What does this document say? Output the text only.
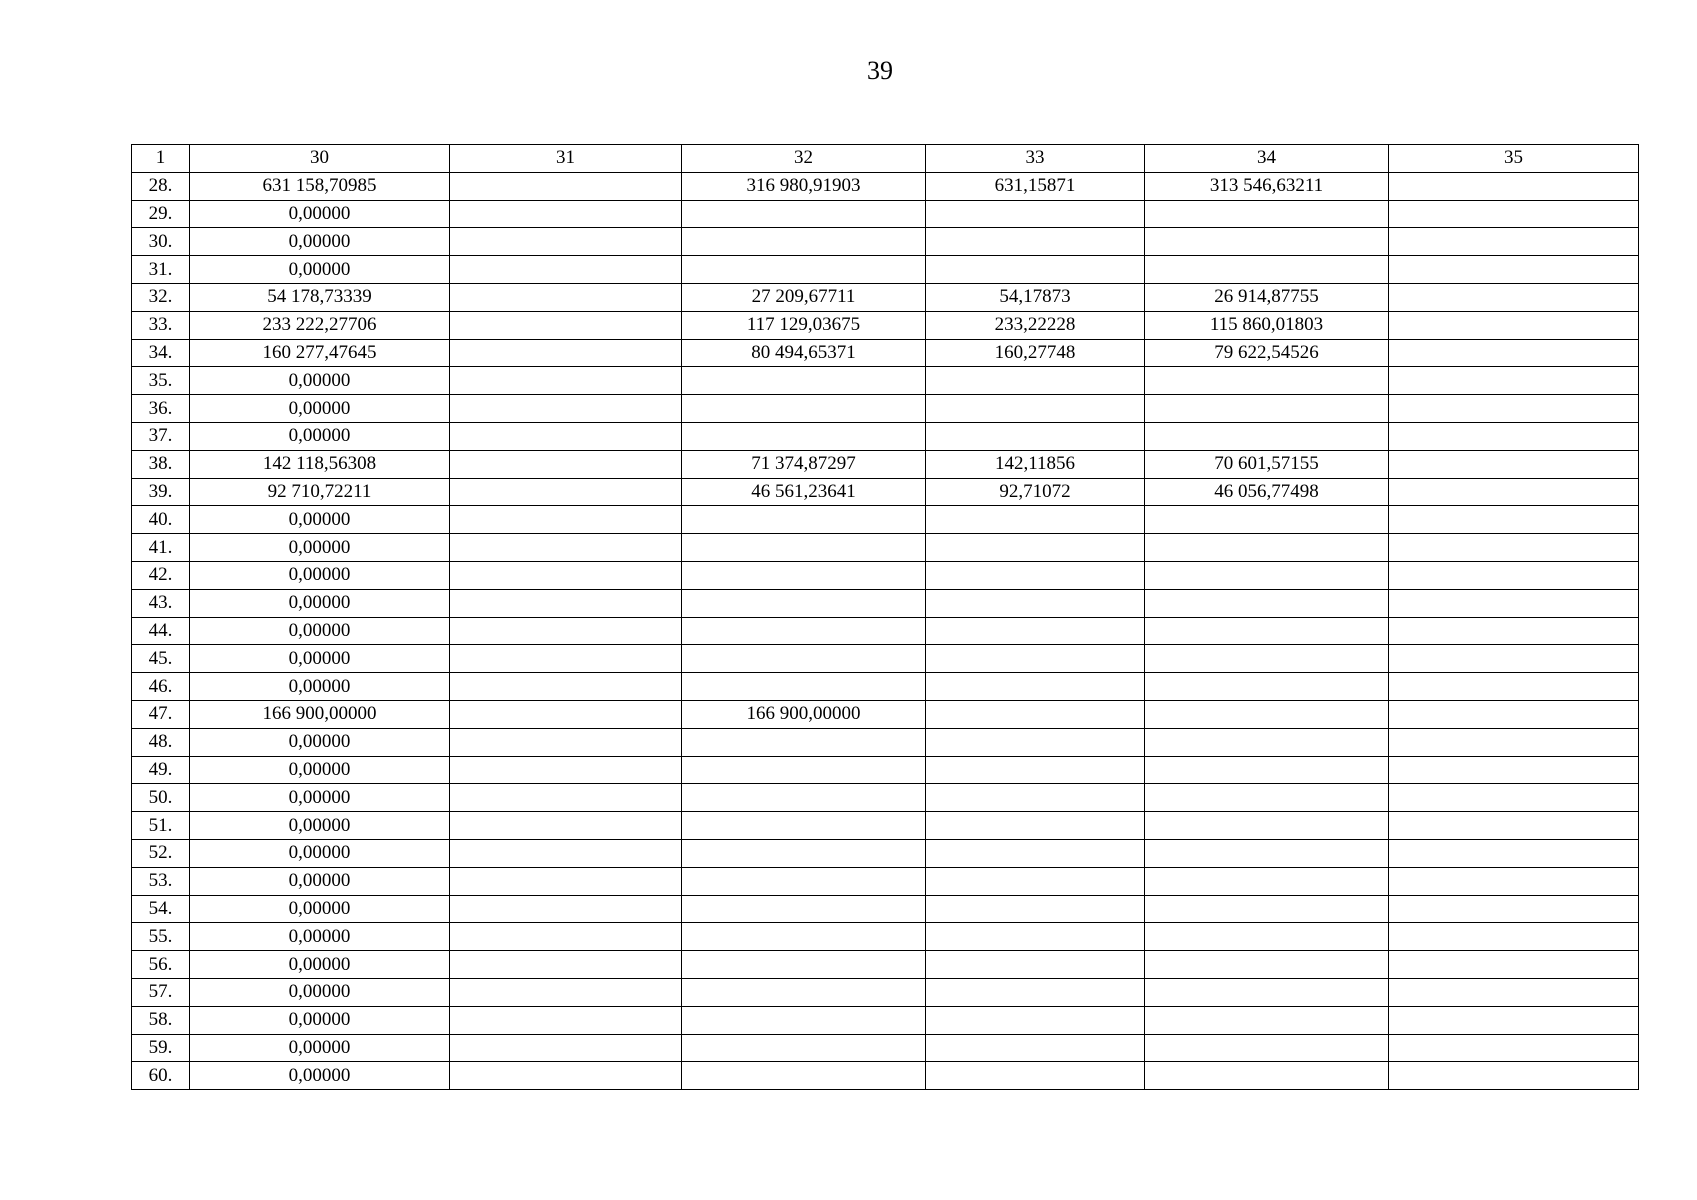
39
1	30	31	32	33	34	35
28.	631 158,70985		316 980,91903	631,15871	313 546,63211	
29.	0,00000					
30.	0,00000					
31.	0,00000					
32.	54 178,73339		27 209,67711	54,17873	26 914,87755	
33.	233 222,27706		117 129,03675	233,22228	115 860,01803	
34.	160 277,47645		80 494,65371	160,27748	79 622,54526	
35.	0,00000					
36.	0,00000					
37.	0,00000					
38.	142 118,56308		71 374,87297	142,11856	70 601,57155	
39.	92 710,72211		46 561,23641	92,71072	46 056,77498	
40.	0,00000					
41.	0,00000					
42.	0,00000					
43.	0,00000					
44.	0,00000					
45.	0,00000					
46.	0,00000					
47.	166 900,00000		166 900,00000			
48.	0,00000					
49.	0,00000					
50.	0,00000					
51.	0,00000					
52.	0,00000					
53.	0,00000					
54.	0,00000					
55.	0,00000					
56.	0,00000					
57.	0,00000					
58.	0,00000					
59.	0,00000					
60.	0,00000					
